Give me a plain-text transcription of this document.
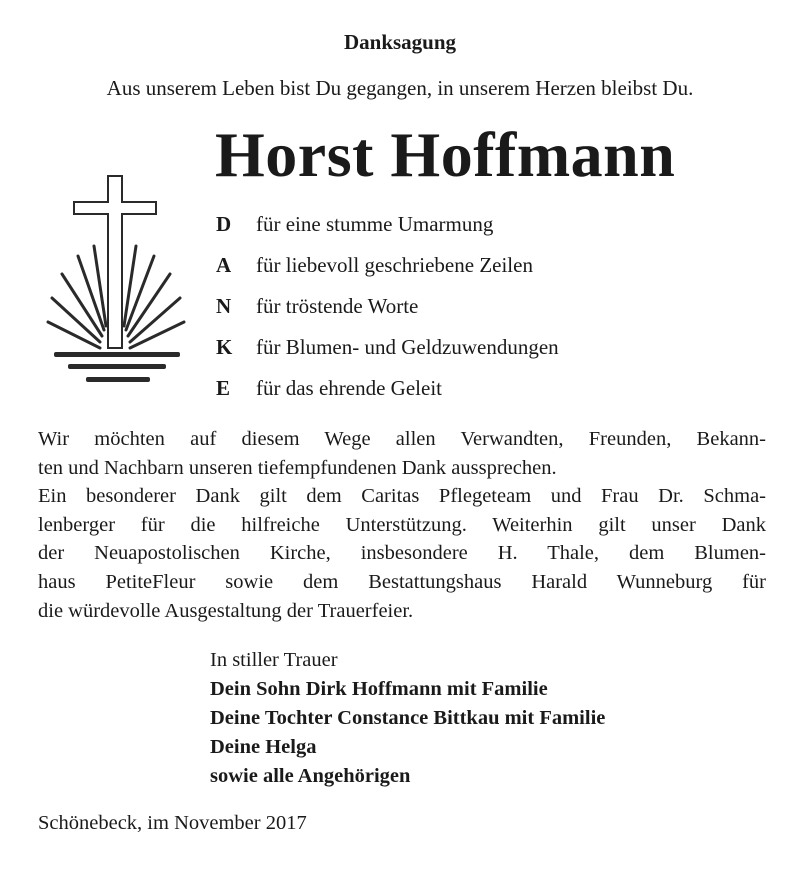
Danksagung
Aus unserem Leben bist Du gegangen, in unserem Herzen bleibst Du.
Horst Hoffmann
D	für eine stumme Umarmung
A	für liebevoll geschriebene Zeilen
N	für tröstende Worte
K	für Blumen- und Geldzuwendungen
E	für das ehrende Geleit
Wir möchten auf diesem Wege allen Verwandten, Freunden, Bekann-
ten und Nachbarn unseren tiefempfundenen Dank aussprechen.
Ein besonderer Dank gilt dem Caritas Pflegeteam und Frau Dr. Schma-
lenberger für die hilfreiche Unterstützung. Weiterhin gilt unser Dank
der Neuapostolischen Kirche, insbesondere H. Thale, dem Blumen-
haus PetiteFleur sowie dem Bestattungshaus Harald Wunneburg für
die würdevolle Ausgestaltung der Trauerfeier.
In stiller Trauer
Dein Sohn Dirk Hoffmann mit Familie
Deine Tochter Constance Bittkau mit Familie
Deine Helga
sowie alle Angehörigen
Schönebeck, im November 2017
